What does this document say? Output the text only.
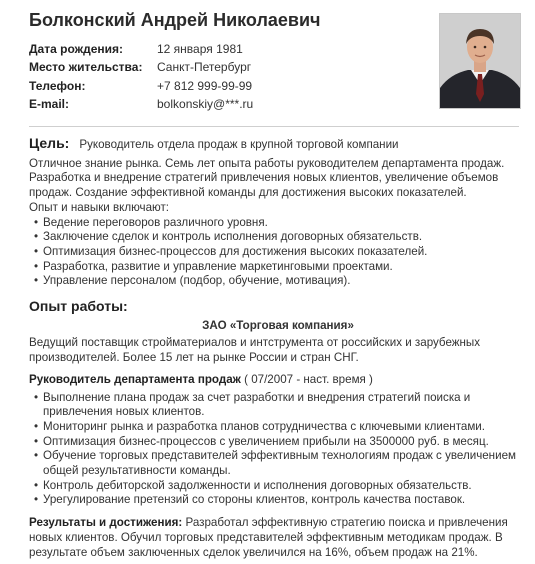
Болконский Андрей Николаевич
Дата рождения:	12 января 1981
Место жительства:	Санкт-Петербург
Телефон:	+7 812 999-99-99
E-mail:	bolkonskiy@***.ru

Цель: Руководитель отдела продаж в крупной торговой компании

Отличное знание рынка. Семь лет опыта работы руководителем департамента продаж. Разработка и внедрение стратегий привлечения новых клиентов, увеличение объемов продаж. Создание эффективной команды для достижения высоких показателей.

Опыт и навыки включают:

• Ведение переговоров различного уровня.
• Заключение сделок и контроль исполнения договорных обязательств.
• Оптимизация бизнес-процессов для достижения высоких показателей.
• Разработка, развитие и управление маркетинговыми проектами.
• Управление персоналом (подбор, обучение, мотивация).
Опыт работы:

ЗАО «Торговая компания»

Ведущий поставщик стройматериалов и интструмента от российских и зарубежных производителей. Более 15 лет на рынке России и стран СНГ.

Руководитель департамента продаж ( 07/2007 - наст. время )

• Выполнение плана продаж за счет разработки и внедрения стратегий поиска и привлечения новых клиентов.
• Мониторинг рынка и разработка планов сотрудничества с ключевыми клиентами.
• Оптимизация бизнес-процессов с увеличением прибыли на 3500000 руб. в месяц.
• Обучение торговых представителей эффективным технологиям продаж с увеличением общей результативности команды.
• Контроль дебиторской задолженности и исполнения договорных обязательств.
• Урегулирование претензий со стороны клиентов, контроль качества поставок.

Результаты и достижения: Разработал эффективную стратегию поиска и привлечения новых клиентов. Обучил торговых представителей эффективным методикам продаж. В результате объем заключенных сделок увеличился на 16%, объем продаж на 21%.
